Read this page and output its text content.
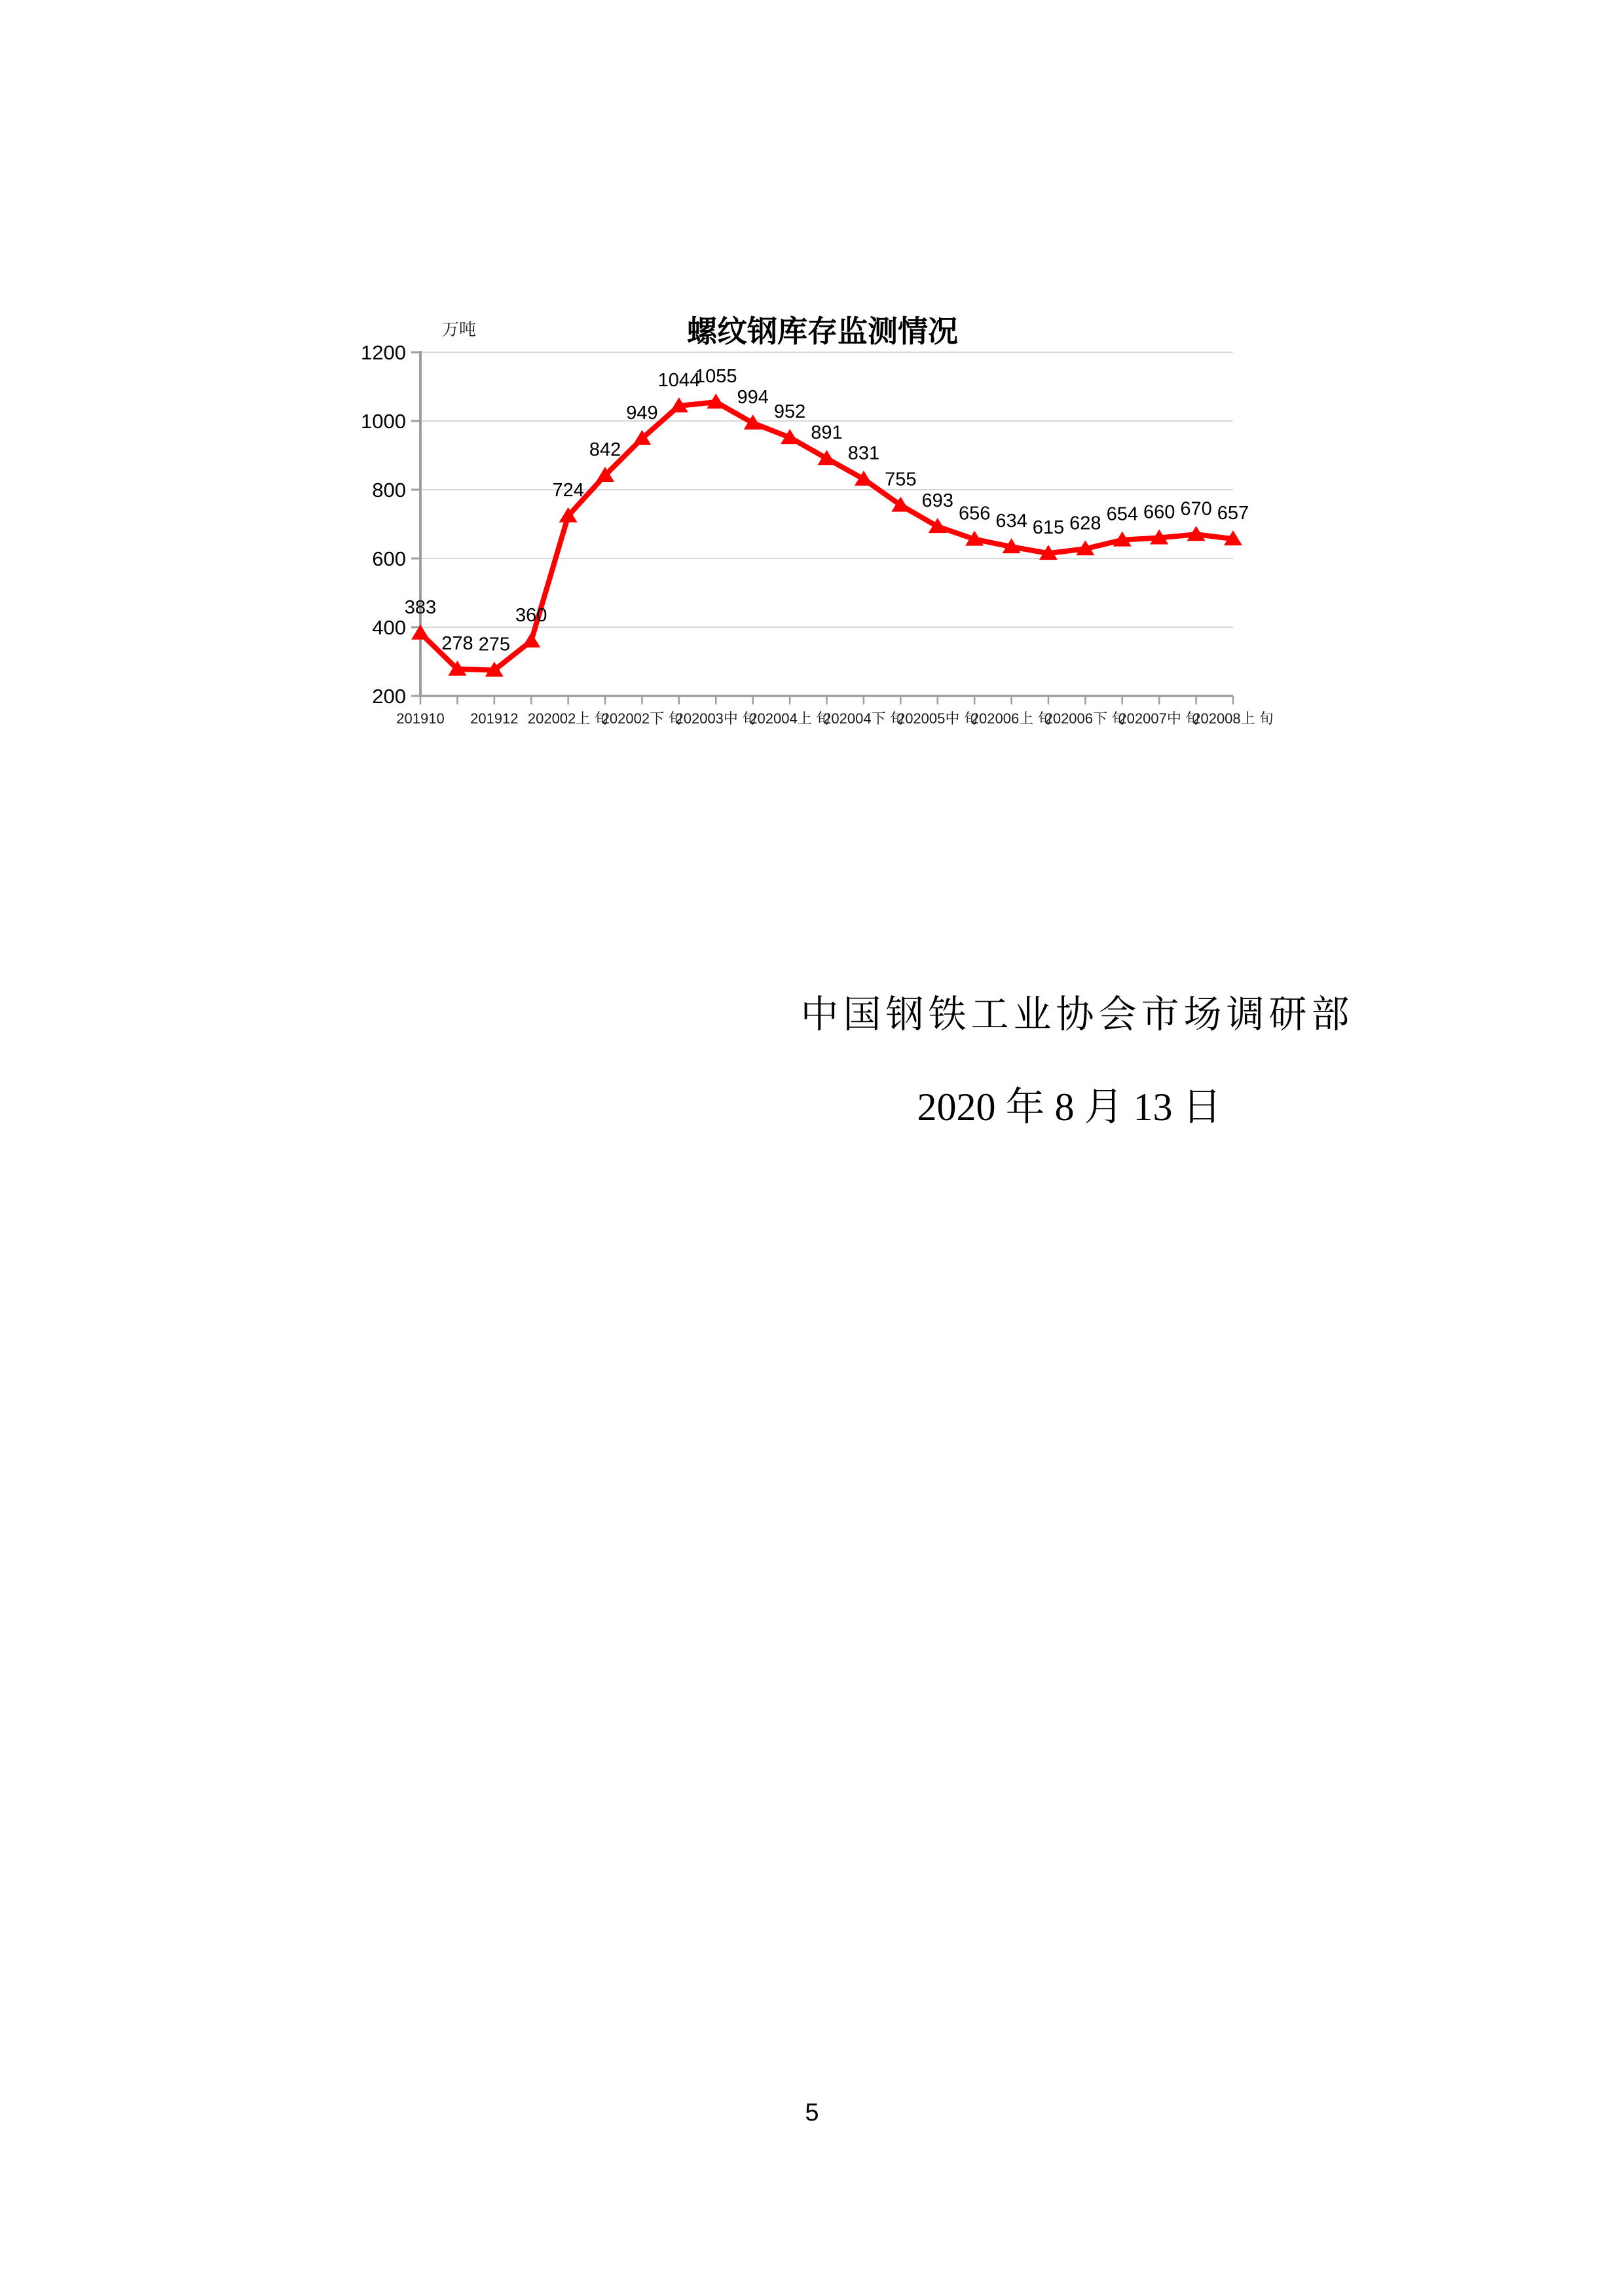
万吨	螺纹钢库存监测情况
200
400
600
800
1000
1200
201910 201912 202002上 旬
202002下 旬
202003中 旬
202004上 旬
202004下 旬
202005中 旬
202006上 旬
202006下 旬
202007中 旬
202008上 旬
383
278 275
360
724
842
949
1044
1055
994
952
891
831
755
693
656 634 615 628 654 660 670 657
中国钢铁工业协会市场调研部
2020 年 8 月 13 日
5
